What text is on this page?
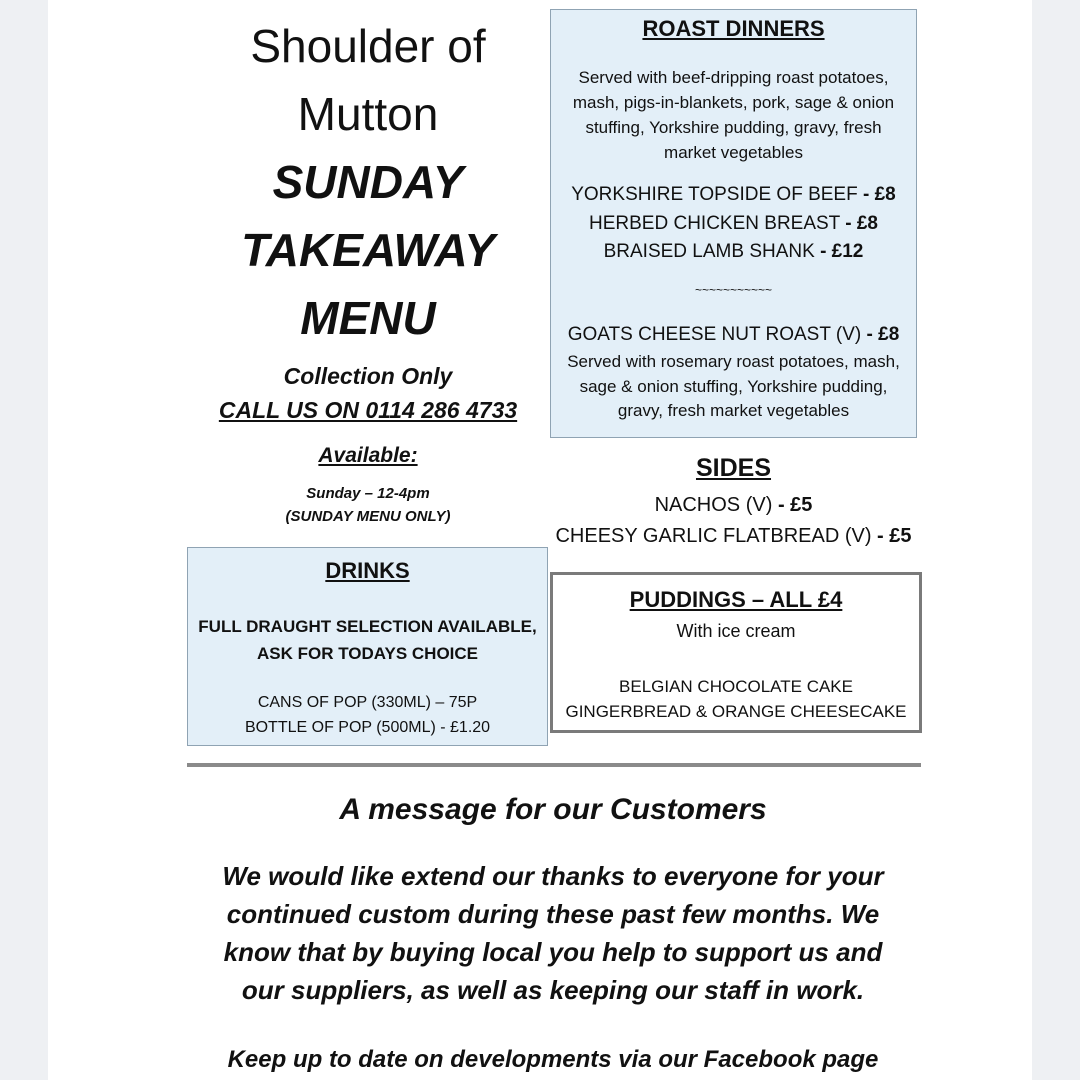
Shoulder of
Mutton
SUNDAY
TAKEAWAY
MENU
Collection Only
CALL US ON 0114 286 4733
Available:
Sunday – 12-4pm
(SUNDAY MENU ONLY)
ROAST DINNERS
Served with beef-dripping roast potatoes,
mash, pigs-in-blankets, pork, sage & onion
stuffing, Yorkshire pudding, gravy, fresh
market vegetables
YORKSHIRE TOPSIDE OF BEEF - £8
HERBED CHICKEN BREAST - £8
BRAISED LAMB SHANK - £12
~~~~~~~~~~~
GOATS CHEESE NUT ROAST (V) - £8
Served with rosemary roast potatoes, mash,
sage & onion stuffing, Yorkshire pudding,
gravy, fresh market vegetables
SIDES
NACHOS (V) - £5
CHEESY GARLIC FLATBREAD (V) - £5
DRINKS
FULL DRAUGHT SELECTION AVAILABLE,
ASK FOR TODAYS CHOICE
CANS OF POP (330ML) – 75P
BOTTLE OF POP (500ML) - £1.20
PUDDINGS – ALL £4
With ice cream
BELGIAN CHOCOLATE CAKE
GINGERBREAD & ORANGE CHEESECAKE
A message for our Customers
We would like extend our thanks to everyone for your
continued custom during these past few months. We
know that by buying local you help to support us and
our suppliers, as well as keeping our staff in work.
Keep up to date on developments via our Facebook page
